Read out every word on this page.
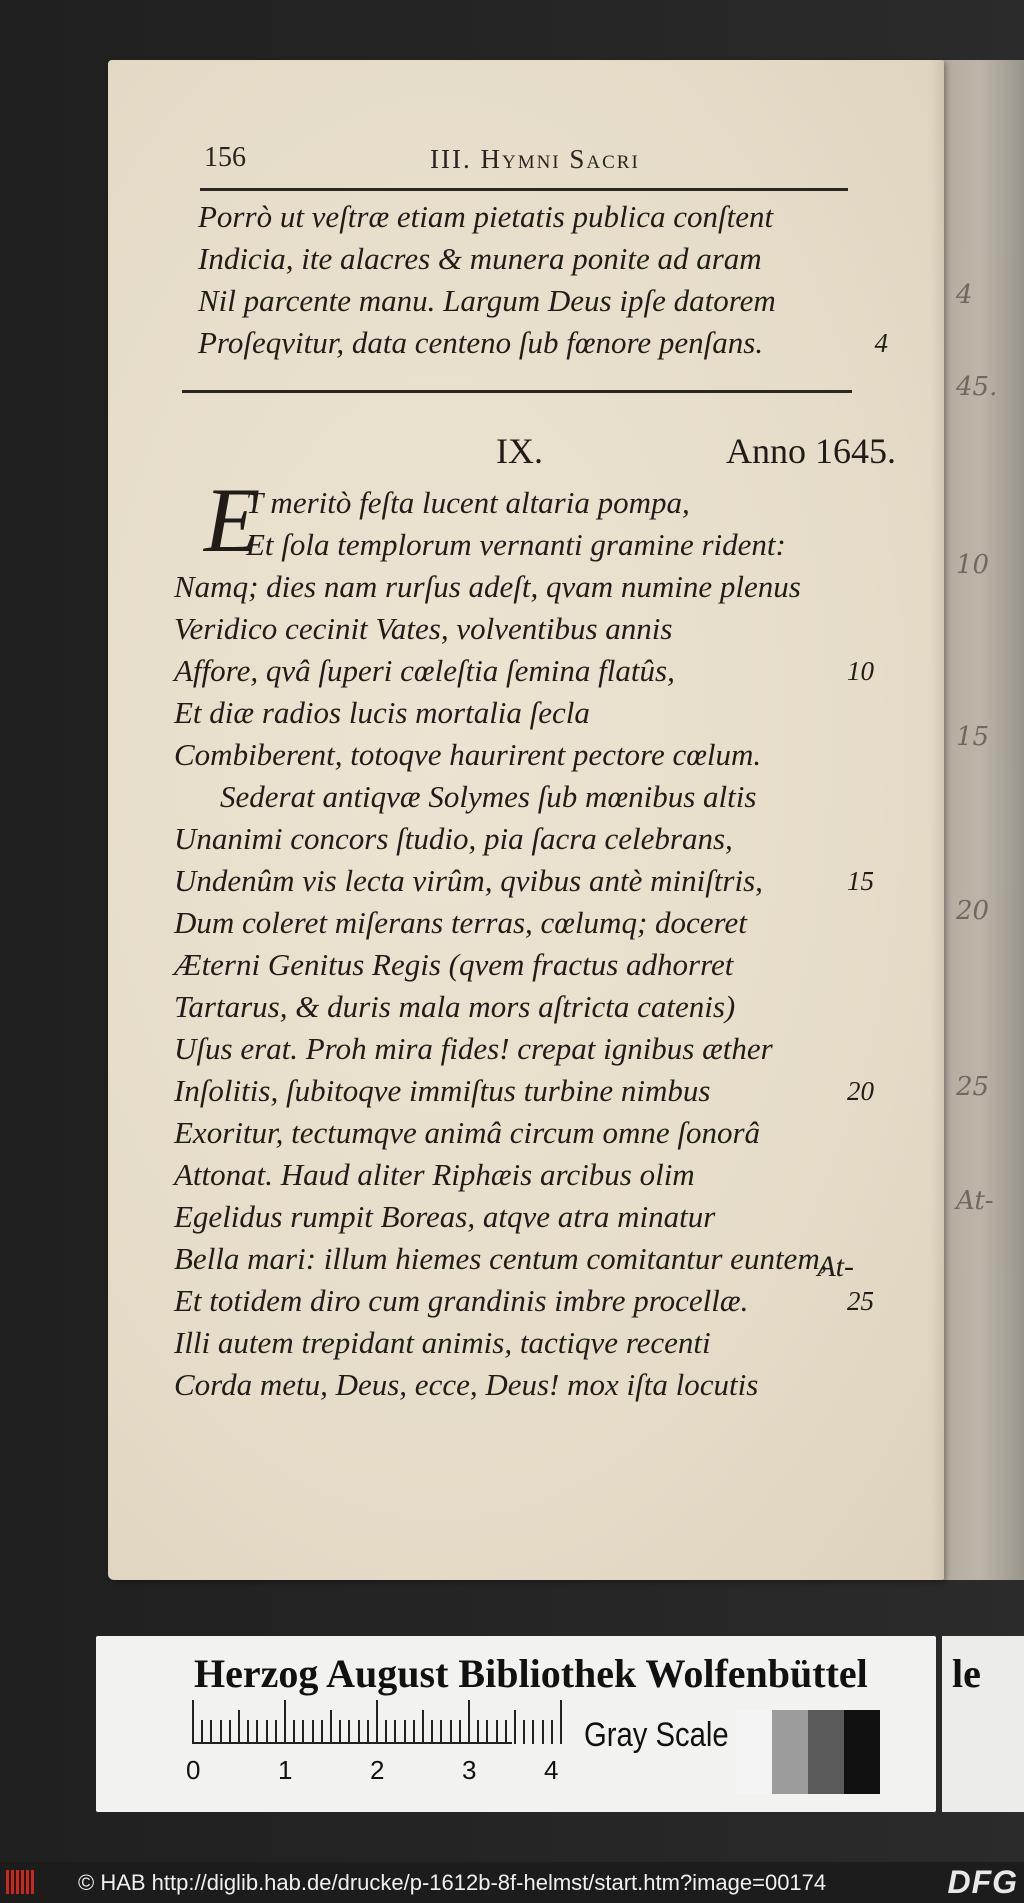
4
45.
10
15
20
25
At-
156	III. Hymni Sacri
Porrò ut veſtræ etiam pietatis publica conſtent
Indicia, ite alacres & munera ponite ad aram
Nil parcente manu. Largum Deus ipſe datorem
Proſeqvitur, data centeno ſub fœnore penſans.	4
IX.	Anno 1645.
E
T meritò feſta lucent altaria pompa,
Et ſola templorum vernanti gramine rident:
Namq; dies nam rurſus adeſt, qvam numine plenus
Veridico cecinit Vates, volventibus annis
Affore, qvâ ſuperi cœleſtia ſemina flatûs,	10
Et diæ radios lucis mortalia ſecla
Combiberent, totoqve haurirent pectore cœlum.
Sederat antiqvæ Solymes ſub mœnibus altis
Unanimi concors ſtudio, pia ſacra celebrans,
Undenûm vis lecta virûm, qvibus antè miniſtris,	15
Dum coleret miſerans terras, cœlumq; doceret
Æterni Genitus Regis (qvem fractus adhorret
Tartarus, & duris mala mors aſtricta catenis)
Uſus erat. Proh mira fides! crepat ignibus æther
Inſolitis, ſubitoqve immiſtus turbine nimbus	20
Exoritur, tectumqve animâ circum omne ſonorâ
Attonat. Haud aliter Riphæis arcibus olim
Egelidus rumpit Boreas, atqve atra minatur
Bella mari: illum hiemes centum comitantur euntem,
Et totidem diro cum grandinis imbre procellæ.	25
Illi autem trepidant animis, tactiqve recenti
Corda metu, Deus, ecce, Deus! mox iſta locutis
At-
Herzog August Bibliothek Wolfenbüttel
0	1	2	3	4
Gray Scale
le
© HAB http://diglib.hab.de/drucke/p-1612b-8f-helmst/start.htm?image=00174	DFG
